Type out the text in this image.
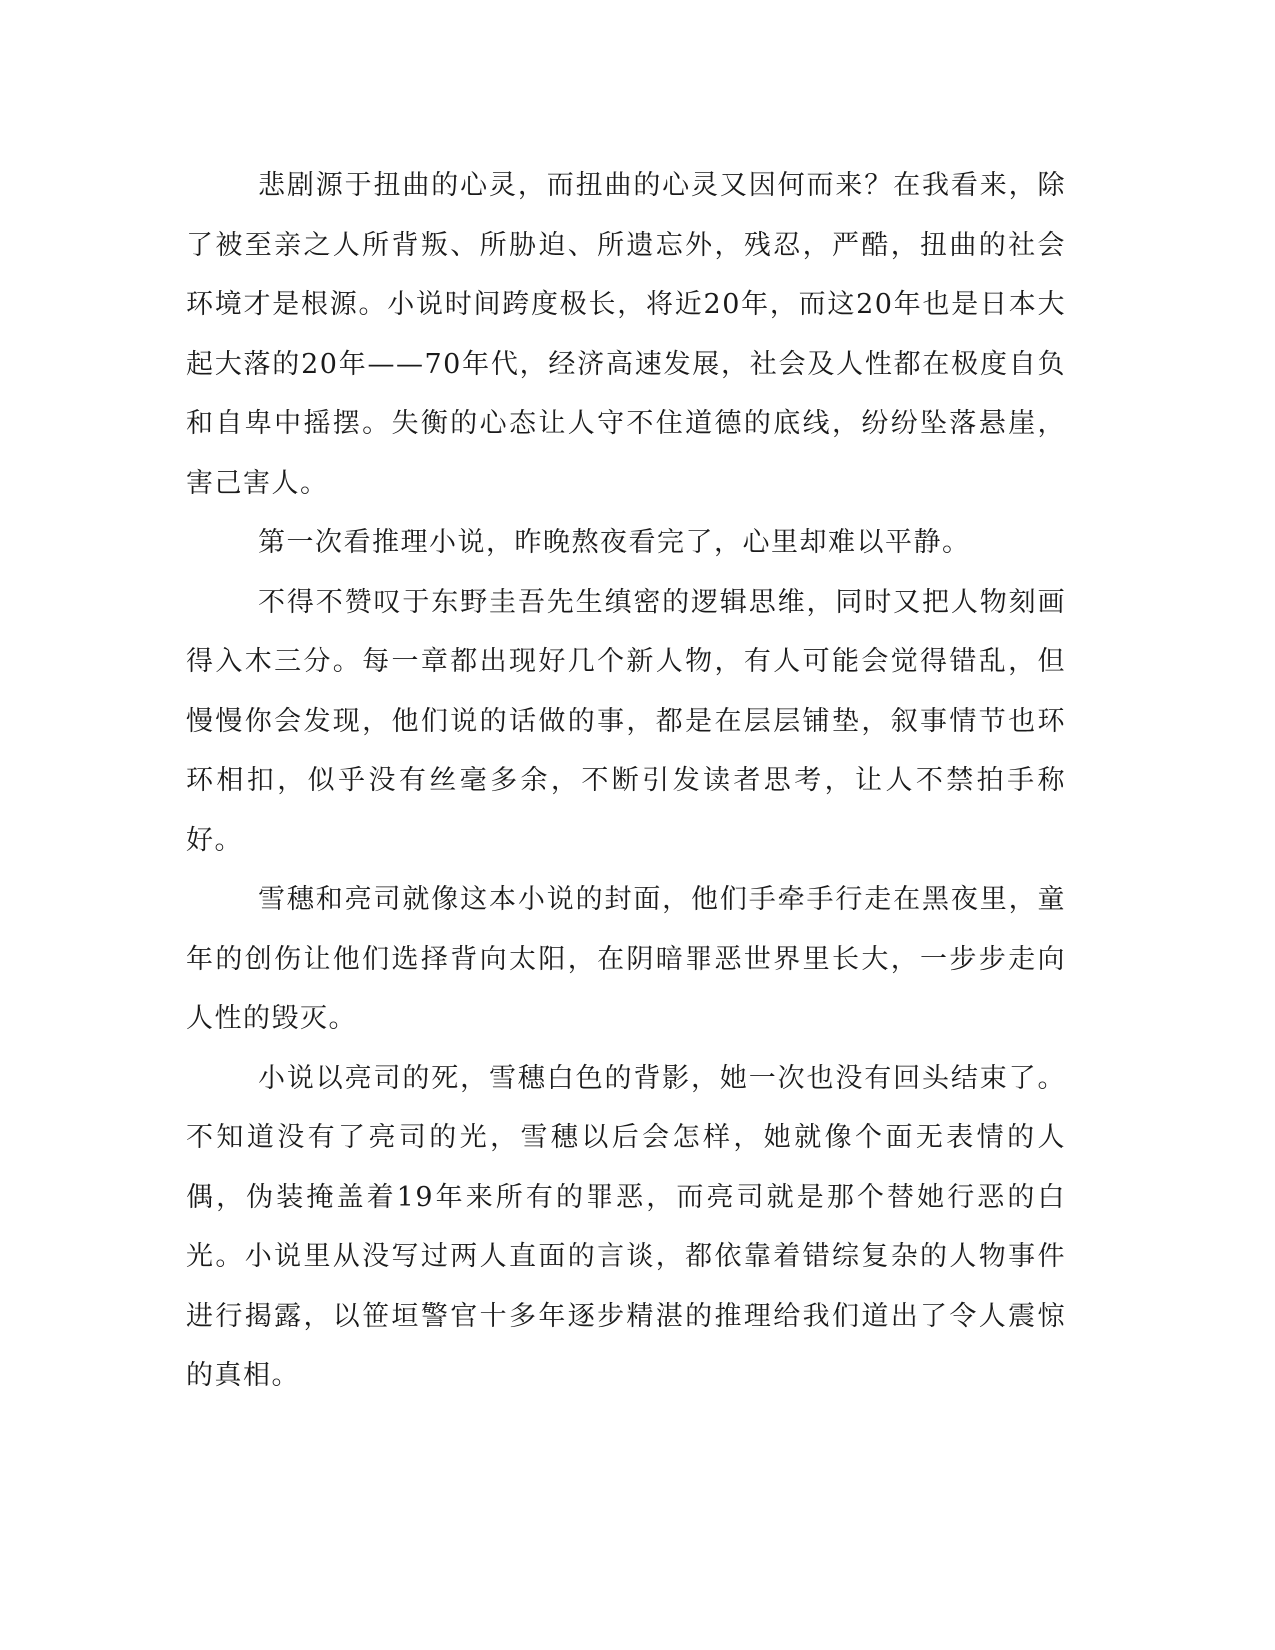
悲剧源于扭曲的心灵，而扭曲的心灵又因何而来？在我看来，除了被至亲之人所背叛、所胁迫、所遗忘外，残忍，严酷，扭曲的社会环境才是根源。小说时间跨度极长，将近20年，而这20年也是日本大起大落的20年——70年代，经济高速发展，社会及人性都在极度自负和自卑中摇摆。失衡的心态让人守不住道德的底线，纷纷坠落悬崖，害己害人。

第一次看推理小说，昨晚熬夜看完了，心里却难以平静。

不得不赞叹于东野圭吾先生缜密的逻辑思维，同时又把人物刻画得入木三分。每一章都出现好几个新人物，有人可能会觉得错乱，但慢慢你会发现，他们说的话做的事，都是在层层铺垫，叙事情节也环环相扣，似乎没有丝毫多余，不断引发读者思考，让人不禁拍手称好。

雪穗和亮司就像这本小说的封面，他们手牵手行走在黑夜里，童年的创伤让他们选择背向太阳，在阴暗罪恶世界里长大，一步步走向人性的毁灭。

小说以亮司的死，雪穗白色的背影，她一次也没有回头结束了。不知道没有了亮司的光，雪穗以后会怎样，她就像个面无表情的人偶，伪装掩盖着19年来所有的罪恶，而亮司就是那个替她行恶的白光。小说里从没写过两人直面的言谈，都依靠着错综复杂的人物事件进行揭露，以笹垣警官十多年逐步精湛的推理给我们道出了令人震惊的真相。
